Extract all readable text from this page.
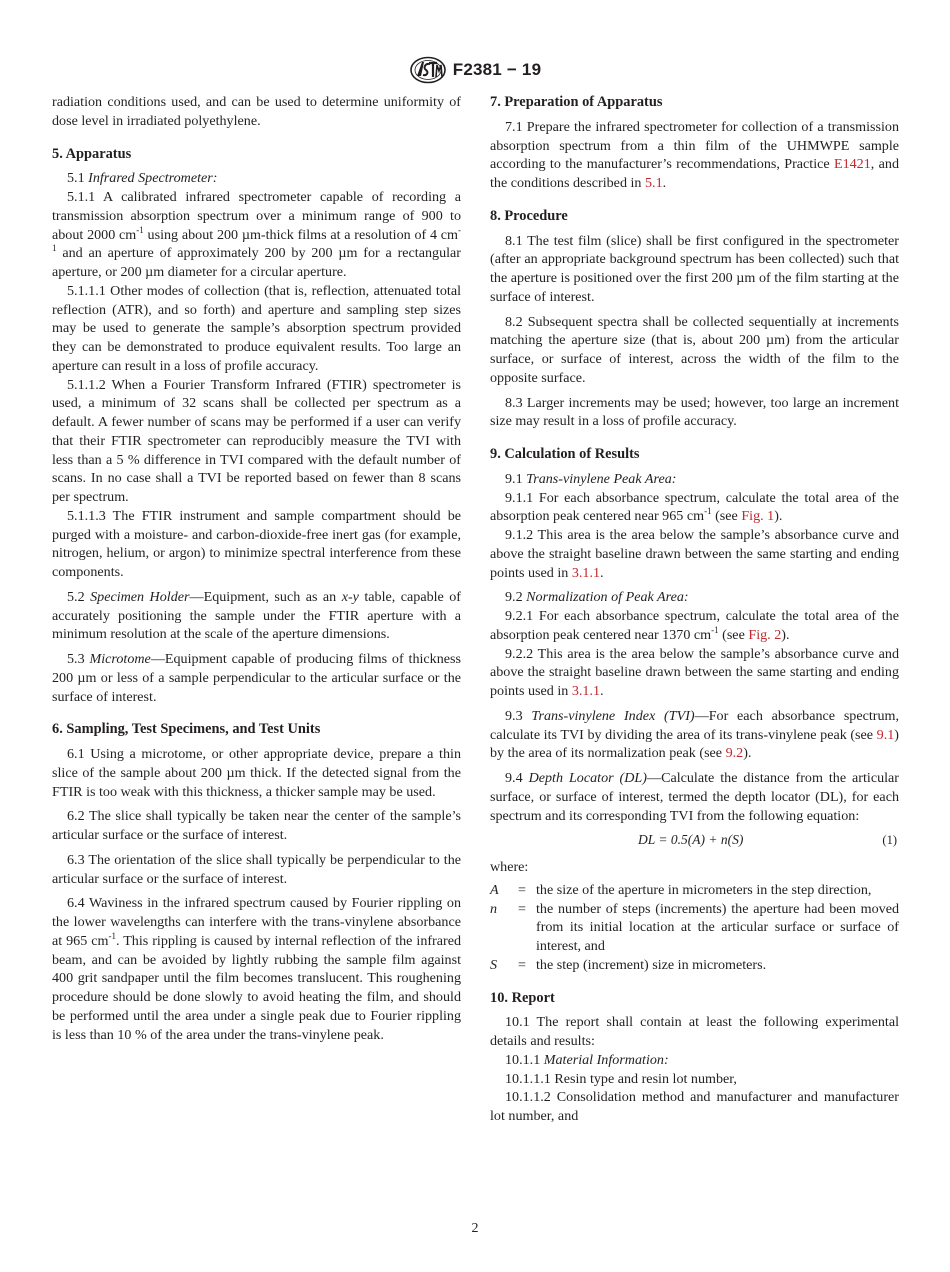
F2381 − 19

radiation conditions used, and can be used to determine uniformity of dose level in irradiated polyethylene.

5. Apparatus

5.1 Infrared Spectrometer:

5.1.1 A calibrated infrared spectrometer capable of recording a transmission absorption spectrum over a minimum range of 900 to about 2000 $cm^{-1}$ using about 200 µm-thick films at a resolution of 4 $cm^{-1}$ and an aperture of approximately 200 by 200 µm for a rectangular aperture, or 200 µm diameter for a circular aperture.

5.1.1.1 Other modes of collection (that is, reflection, attenuated total reflection (ATR), and so forth) and aperture and sampling step sizes may be used to generate the sample’s absorption spectrum provided they can be demonstrated to produce equivalent results. Too large an aperture can result in a loss of profile accuracy.

5.1.1.2 When a Fourier Transform Infrared (FTIR) spectrometer is used, a minimum of 32 scans shall be collected per spectrum as a default. A fewer number of scans may be performed if a user can verify that their FTIR spectrometer can reproducibly measure the TVI with less than a 5 % difference in TVI compared with the default number of scans. In no case shall a TVI be reported based on fewer than 8 scans per spectrum.

5.1.1.3 The FTIR instrument and sample compartment should be purged with a moisture- and carbon-dioxide-free inert gas (for example, nitrogen, helium, or argon) to minimize spectral interference from these components.

5.2 Specimen Holder—Equipment, such as an x-y table, capable of accurately positioning the sample under the FTIR aperture with a minimum resolution at the scale of the aperture dimensions.

5.3 Microtome—Equipment capable of producing films of thickness 200 µm or less of a sample perpendicular to the articular surface or the surface of interest.

6. Sampling, Test Specimens, and Test Units

6.1 Using a microtome, or other appropriate device, prepare a thin slice of the sample about 200 µm thick. If the detected signal from the FTIR is too weak with this thickness, a thicker sample may be used.

6.2 The slice shall typically be taken near the center of the sample’s articular surface or the surface of interest.

6.3 The orientation of the slice shall typically be perpendicular to the articular surface or the surface of interest.

6.4 Waviness in the infrared spectrum caused by Fourier rippling on the lower wavelengths can interfere with the trans-vinylene absorbance at 965 $cm^{-1}$. This rippling is caused by internal reflection of the infrared beam, and can be avoided by lightly rubbing the sample film against 400 grit sandpaper until the film becomes translucent. This roughening procedure should be done slowly to avoid heating the film, and should be performed until the area under a single peak due to Fourier rippling is less than 10 % of the area under the trans-vinylene peak.

7. Preparation of Apparatus

7.1 Prepare the infrared spectrometer for collection of a transmission absorption spectrum from a thin film of the UHMWPE sample according to the manufacturer’s recommendations, Practice E1421, and the conditions described in 5.1.

8. Procedure

8.1 The test film (slice) shall be first configured in the spectrometer (after an appropriate background spectrum has been collected) such that the aperture is positioned over the first 200 µm of the film starting at the surface of interest.

8.2 Subsequent spectra shall be collected sequentially at increments matching the aperture size (that is, about 200 µm) from the articular surface, or surface of interest, across the width of the film to the opposite surface.

8.3 Larger increments may be used; however, too large an increment size may result in a loss of profile accuracy.

9. Calculation of Results

9.1 Trans-vinylene Peak Area:

9.1.1 For each absorbance spectrum, calculate the total area of the absorption peak centered near 965 $cm^{-1}$ (see Fig. 1).

9.1.2 This area is the area below the sample’s absorbance curve and above the straight baseline drawn between the same starting and ending points used in 3.1.1.

9.2 Normalization of Peak Area:

9.2.1 For each absorbance spectrum, calculate the total area of the absorption peak centered near 1370 $cm^{-1}$ (see Fig. 2).

9.2.2 This area is the area below the sample’s absorbance curve and above the straight baseline drawn between the same starting and ending points used in 3.1.1.

9.3 Trans-vinylene Index (TVI)—For each absorbance spectrum, calculate its TVI by dividing the area of its trans-vinylene peak (see 9.1) by the area of its normalization peak (see 9.2).

9.4 Depth Locator (DL)—Calculate the distance from the articular surface, or surface of interest, termed the depth locator (DL), for each spectrum and its corresponding TVI from the following equation:

DL = 0.5(A) + n(S)	(1)

where:

A	= the size of the aperture in micrometers in the step direction,
n	= the number of steps (increments) the aperture had been moved from its initial location at the articular surface or surface of interest, and
S	= the step (increment) size in micrometers.
10. Report

10.1 The report shall contain at least the following experimental details and results:

10.1.1 Material Information:

10.1.1.1 Resin type and resin lot number,

10.1.1.2 Consolidation method and manufacturer and manufacturer lot number, and

2
